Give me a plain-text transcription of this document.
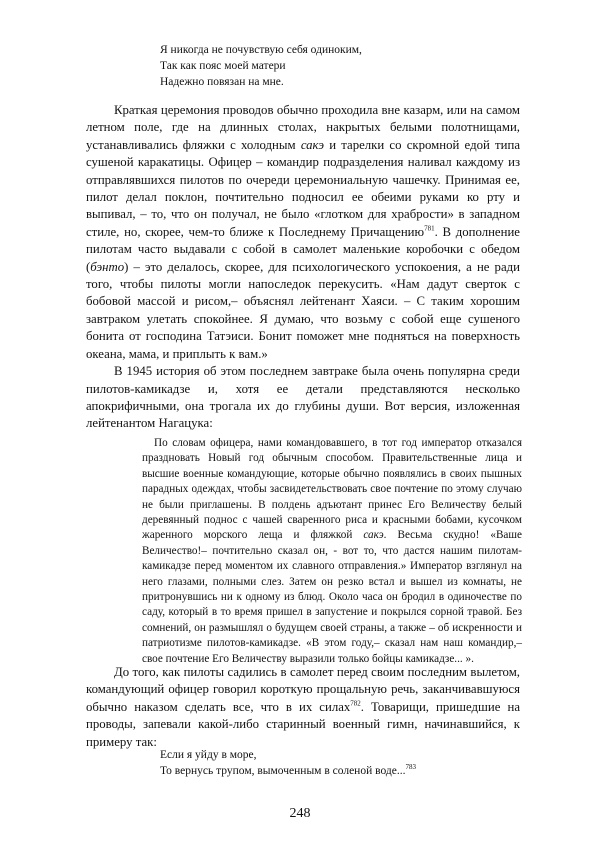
Я никогда не почувствую себя одиноким,
Так как пояс моей матери
Надежно повязан на мне.

Краткая церемония проводов обычно проходила вне казарм, или на самом летном поле, где на длинных столах, накрытых белыми полотнищами, устанавливались фляжки с холодным сакэ и тарелки со скромной едой типа сушеной каракатицы. Офицер – командир подразделения наливал каждому из отправлявшихся пилотов по очереди церемониальную чашечку. Принимая ее, пилот делал поклон, почтительно подносил ее обеими руками ко рту и выпивал, – то, что он получал, не было «глотком для храбрости» в западном стиле, но, скорее, чем-то ближе к Последнему Причащению$^{781}$. В дополнение пилотам часто выдавали с собой в самолет маленькие коробочки с обедом (бэнто) – это делалось, скорее, для психологического успокоения, а не ради того, чтобы пилоты могли напоследок перекусить. «Нам дадут сверток с бобовой массой и рисом,– объяснял лейтенант Хаяси. – С таким хорошим завтраком улетать спокойнее. Я думаю, что возьму с собой еще сушеного бонита от господина Татэиси. Бонит поможет мне подняться на поверхность океана, мама, и приплыть к вам.»

В 1945 история об этом последнем завтраке была очень популярна среди пилотов-камикадзе и, хотя ее детали представляются несколько апокрифичными, она трогала их до глубины души. Вот версия, изложенная лейтенантом Нагацука:

По словам офицера, нами командовавшего, в тот год император отказался праздновать Новый год обычным способом. Правительственные лица и высшие военные командующие, которые обычно появлялись в своих пышных парадных одеждах, чтобы засвидетельствовать свое почтение по этому случаю не были приглашены. В полдень адъютант принес Его Величеству белый деревянный поднос с чашей сваренного риса и красными бобами, кусочком жаренного морского леща и фляжкой сакэ. Весьма скудно! «Ваше Величество!– почтительно сказал он, - вот то, что дастся нашим пилотам-камикадзе перед моментом их славного отправления.» Император взглянул на него глазами, полными слез. Затем он резко встал и вышел из комнаты, не притронувшись ни к одному из блюд. Около часа он бродил в одиночестве по саду, который в то время пришел в запустение и покрылся сорной травой. Без сомнений, он размышлял о будущем своей страны, а также – об искренности и патриотизме пилотов-камикадзе. «В этом году,– сказал нам наш командир,– свое почтение Его Величеству выразили только бойцы камикадзе... ».

До того, как пилоты садились в самолет перед своим последним вылетом, командующий офицер говорил короткую прощальную речь, заканчивавшуюся обычно наказом сделать все, что в их силах$^{782}$. Товарищи, пришедшие на проводы, запевали какой-либо старинный военный гимн, начинавшийся, к примеру так:

Если я уйду в море,
То вернусь трупом, вымоченным в соленой воде...$^{783}$
248
